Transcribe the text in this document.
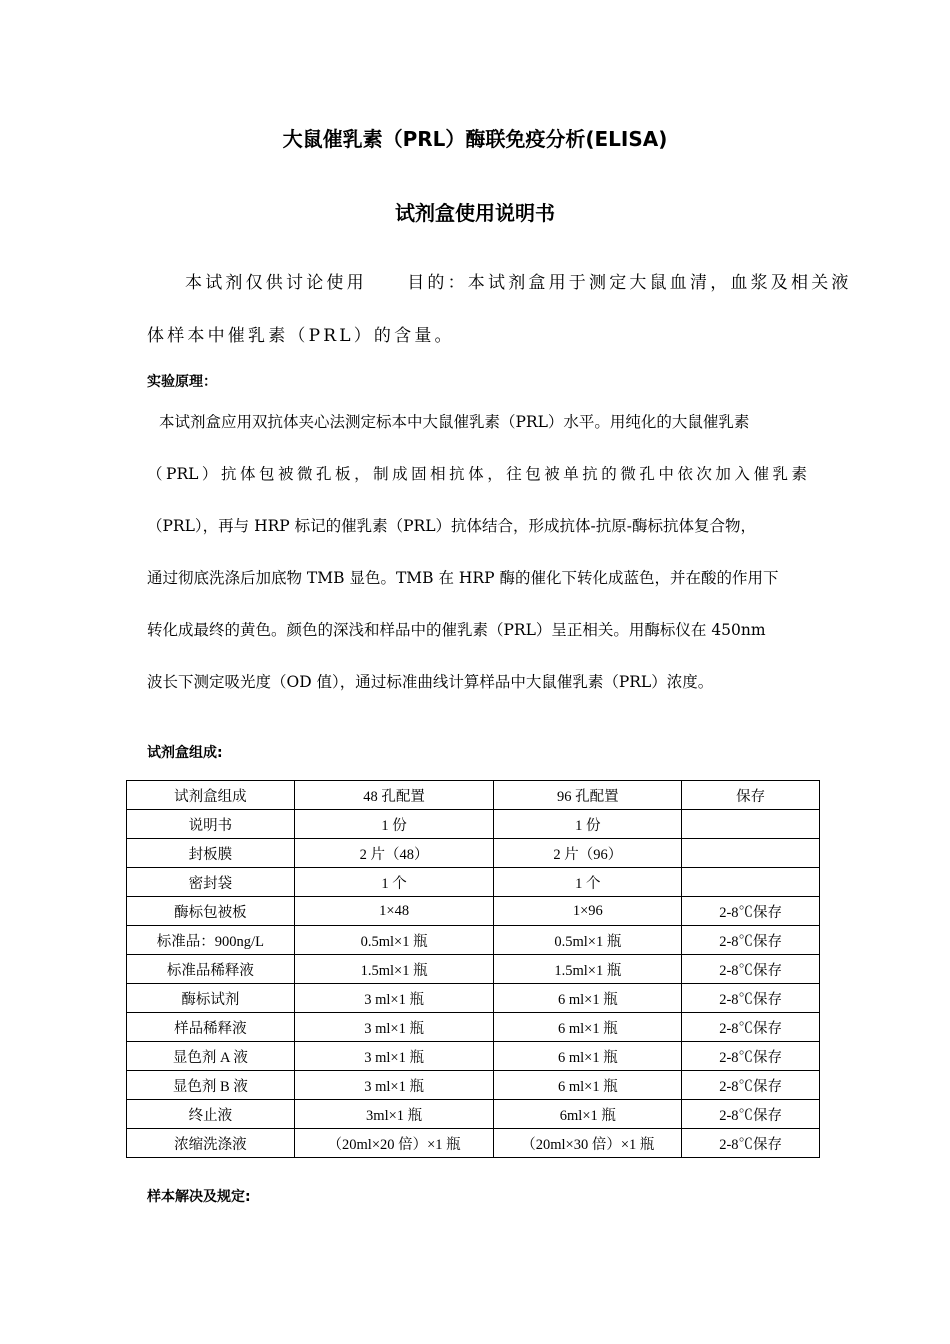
大鼠催乳素（PRL）酶联免疫分析(ELISA)
试剂盒使用说明书
本试剂仅供讨论使用　　目的：本试剂盒用于测定大鼠血清，血浆及相关液
体样本中催乳素（PRL）的含量。
实验原理：
本试剂盒应用双抗体夹心法测定标本中大鼠催乳素（PRL）水平。用纯化的大鼠催乳素
（PRL）抗体包被微孔板，制成固相抗体，往包被单抗的微孔中依次加入催乳素
（PRL），再与 HRP 标记的催乳素（PRL）抗体结合，形成抗体-抗原-酶标抗体复合物，
通过彻底洗涤后加底物 TMB 显色。TMB 在 HRP 酶的催化下转化成蓝色，并在酸的作用下
转化成最终的黄色。颜色的深浅和样品中的催乳素（PRL）呈正相关。用酶标仪在 450nm
波长下测定吸光度（OD 值），通过标准曲线计算样品中大鼠催乳素（PRL）浓度。
试剂盒组成:
试剂盒组成	48 孔配置	96 孔配置	保存
说明书	1 份	1 份	
封板膜	2 片（48）	2 片（96）	
密封袋	1 个	1 个	
酶标包被板	1×48	1×96	2-8℃保存
标准品：900ng/L	0.5ml×1 瓶	0.5ml×1 瓶	2-8℃保存
标准品稀释液	1.5ml×1 瓶	1.5ml×1 瓶	2-8℃保存
酶标试剂	3 ml×1 瓶	6 ml×1 瓶	2-8℃保存
样品稀释液	3 ml×1 瓶	6 ml×1 瓶	2-8℃保存
显色剂 A 液	3 ml×1 瓶	6 ml×1 瓶	2-8℃保存
显色剂 B 液	3 ml×1 瓶	6 ml×1 瓶	2-8℃保存
终止液	3ml×1 瓶	6ml×1 瓶	2-8℃保存
浓缩洗涤液	（20ml×20 倍）×1 瓶	（20ml×30 倍）×1 瓶	2-8℃保存
样本解决及规定:
